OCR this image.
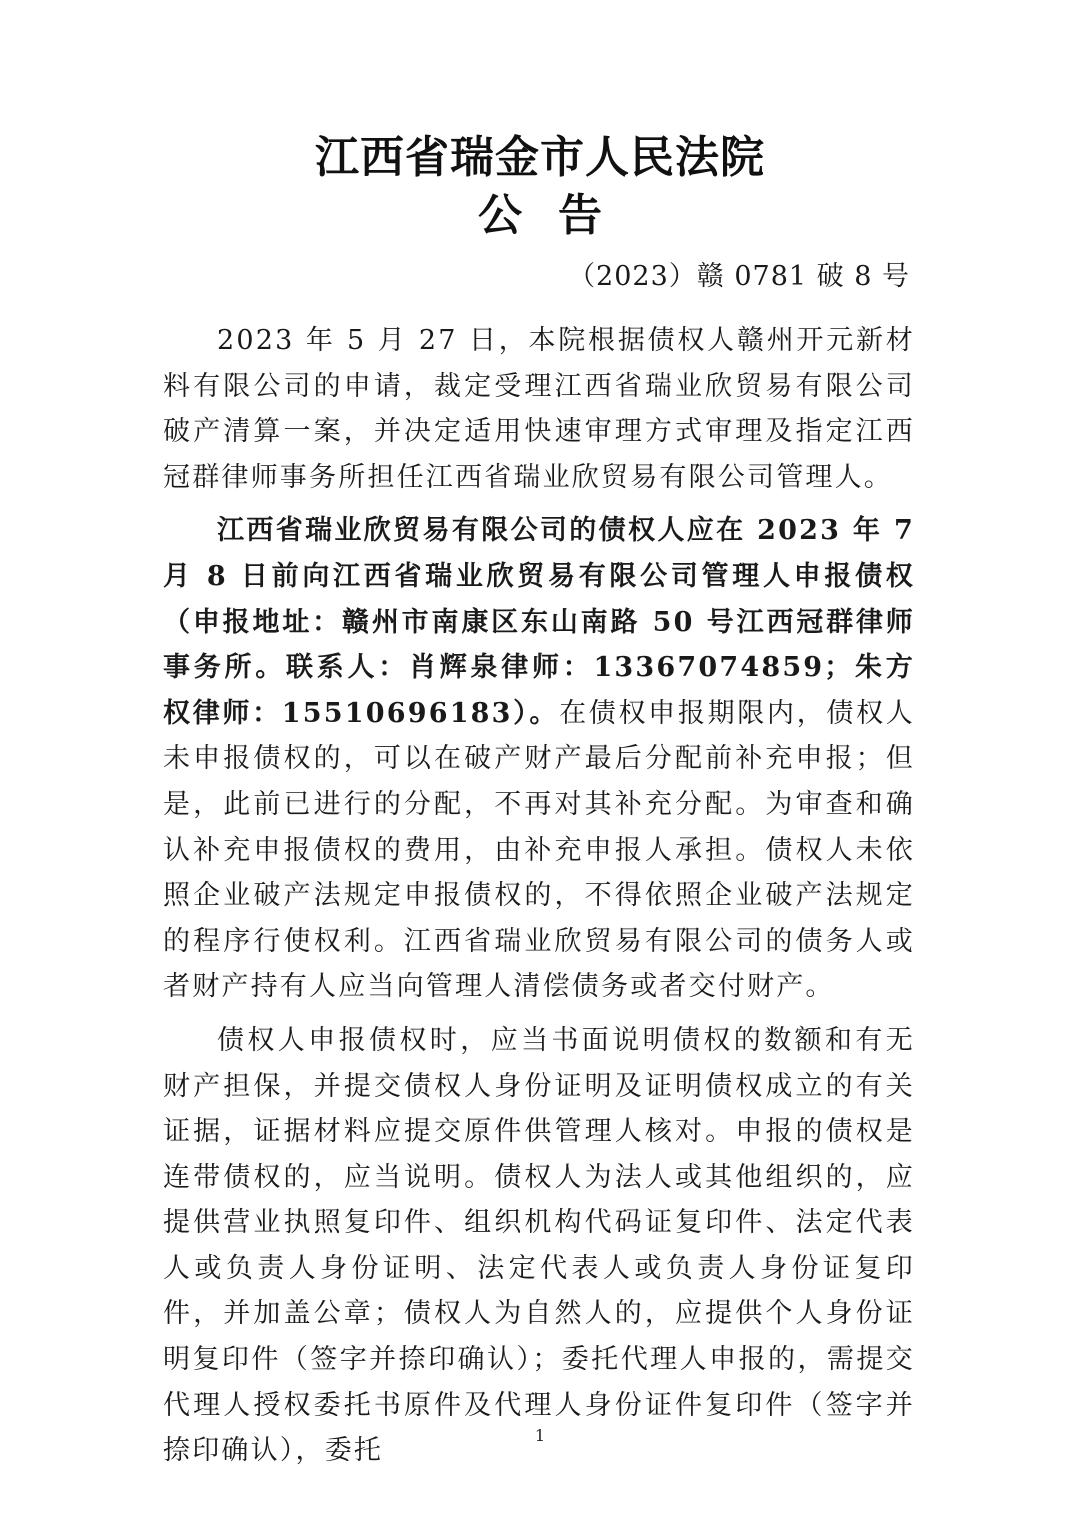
江西省瑞金市人民法院
公告
（2023）赣 0781 破 8 号

2023 年 5 月 27 日，本院根据债权人赣州开元新材料有限公司的申请，裁定受理江西省瑞业欣贸易有限公司破产清算一案，并决定适用快速审理方式审理及指定江西冠群律师事务所担任江西省瑞业欣贸易有限公司管理人。

江西省瑞业欣贸易有限公司的债权人应在 2023 年 7 月 8 日前向江西省瑞业欣贸易有限公司管理人申报债权（申报地址：赣州市南康区东山南路 50 号江西冠群律师事务所。联系人：肖辉泉律师：13367074859；朱方权律师：15510696183）。在债权申报期限内，债权人未申报债权的，可以在破产财产最后分配前补充申报；但是，此前已进行的分配，不再对其补充分配。为审查和确认补充申报债权的费用，由补充申报人承担。债权人未依照企业破产法规定申报债权的，不得依照企业破产法规定的程序行使权利。江西省瑞业欣贸易有限公司的债务人或者财产持有人应当向管理人清偿债务或者交付财产。

债权人申报债权时，应当书面说明债权的数额和有无财产担保，并提交债权人身份证明及证明债权成立的有关证据，证据材料应提交原件供管理人核对。申报的债权是连带债权的，应当说明。债权人为法人或其他组织的，应提供营业执照复印件、组织机构代码证复印件、法定代表人或负责人身份证明、法定代表人或负责人身份证复印件，并加盖公章；债权人为自然人的，应提供个人身份证明复印件（签字并捺印确认）；委托代理人申报的，需提交代理人授权委托书原件及代理人身份证件复印件（签字并捺印确认），委托	1
